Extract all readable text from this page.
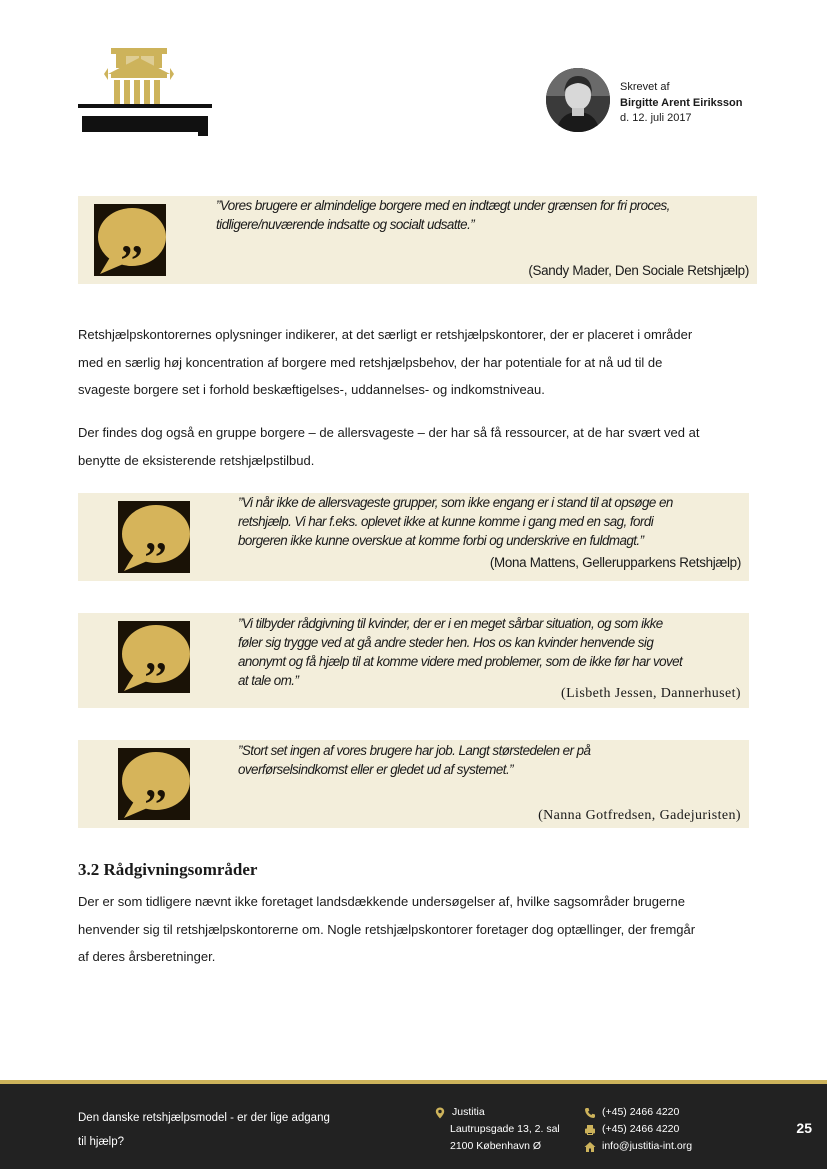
Skrevet af
Birgitte Arent Eiriksson
d. 12. juli 2017
,,
”Vores brugere er almindelige borgere med en indtægt under grænsen for fri proces,
tidligere/nuværende indsatte og socialt udsatte.”
(Sandy Mader, Den Sociale Retshjælp)
Retshjælpskontorernes oplysninger indikerer, at det særligt er retshjælpskontorer, der er placeret i områder
med en særlig høj koncentration af borgere med retshjælpsbehov, der har potentiale for at nå ud til de
svageste borgere set i forhold beskæftigelses-, uddannelses- og indkomstniveau.
Der findes dog også en gruppe borgere – de allersvageste – der har så få ressourcer, at de har svært ved at
benytte de eksisterende retshjælpstilbud.
,,
”Vi når ikke de allersvageste grupper, som ikke engang er i stand til at opsøge en
retshjælp. Vi har f.eks. oplevet ikke at kunne komme i gang med en sag, fordi
borgeren ikke kunne overskue at komme forbi og underskrive en fuldmagt.”
(Mona Mattens, Gellerupparkens Retshjælp)
,,
”Vi tilbyder rådgivning til kvinder, der er i en meget sårbar situation, og som ikke
føler sig trygge ved at gå andre steder hen. Hos os kan kvinder henvende sig
anonymt og få hjælp til at komme videre med problemer, som de ikke før har vovet
at tale om.”
(Lisbeth Jessen, Dannerhuset)
,,
”Stort set ingen af vores brugere har job. Langt størstedelen er på
overførselsindkomst eller er gledet ud af systemet.”
(Nanna Gotfredsen, Gadejuristen)
3.2 Rådgivningsområder
Der er som tidligere nævnt ikke foretaget landsdækkende undersøgelser af, hvilke sagsområder brugerne
henvender sig til retshjælpskontorerne om. Nogle retshjælpskontorer foretager dog optællinger, der fremgår
af deres årsberetninger.
Den danske retshjælpsmodel - er der lige adgang
til hjælp?
Justitia
Lautrupsgade 13, 2. sal
2100 København Ø
(+45) 2466 4220
(+45) 2466 4220
info@justitia-int.org
25
